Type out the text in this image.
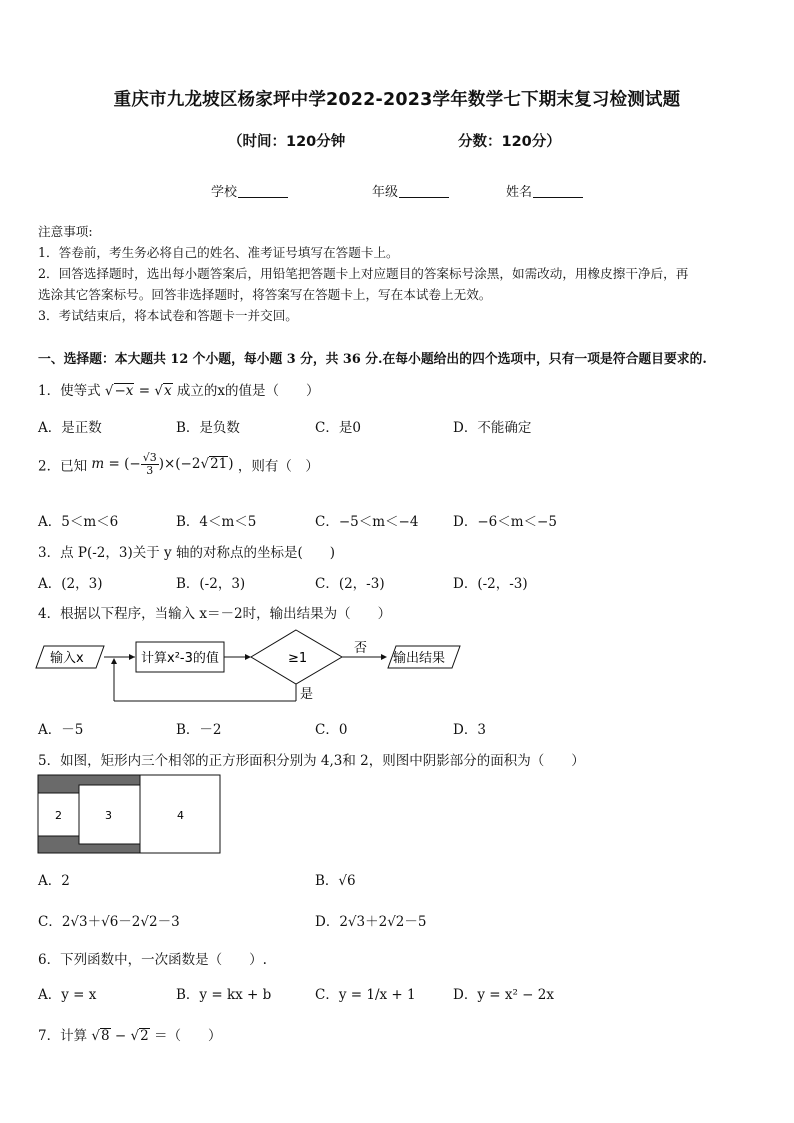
重庆市九龙坡区杨家坪中学2022-2023学年数学七下期末复习检测试题
（时间：120分钟	分数：120分）
学校	年级	姓名
注意事项:
1．答卷前，考生务必将自己的姓名、准考证号填写在答题卡上。
2．回答选择题时，选出每小题答案后，用铅笔把答题卡上对应题目的答案标号涂黑，如需改动，用橡皮擦干净后，再
选涂其它答案标号。回答非选择题时，将答案写在答题卡上，写在本试卷上无效。
3．考试结束后，将本试卷和答题卡一并交回。
一、选择题：本大题共 12 个小题，每小题 3 分，共 36 分.在每小题给出的四个选项中，只有一项是符合题目要求的.
1．使等式 √−x = √x 成立的x的值是（　　）
A．是正数	B．是负数	C．是0	D．不能确定
2．已知 m = (− $\frac{√3}{3} )\times(-2√21)$ ，则有（　）
A．5＜m＜6	B．4＜m＜5	C．−5＜m＜−4	D．−6＜m＜−5
3．点 P(-2，3)关于 y 轴的对称点的坐标是(　　)
A．(2，3)	B．(-2，3)	C．(2，-3)	D．(-2，-3)
4．根据以下程序，当输入 x＝－2时，输出结果为（　　）
输入x	计算x²-3的值	≥1
否
输出结果
是
A．－5	B．－2	C．0	D．3
5．如图，矩形内三个相邻的正方形面积分别为 4,3和 2，则图中阴影部分的面积为（　　）
2	3	4
A．2	B．√6
C．2√3＋√6－2√2－3	D．2√3＋2√2－5
6．下列函数中，一次函数是（　　）.
A．y = x	B．y = kx + b	C．y = 1/x + 1	D．y = x² − 2x
7．计算 √8 − √2 ＝（　　）
